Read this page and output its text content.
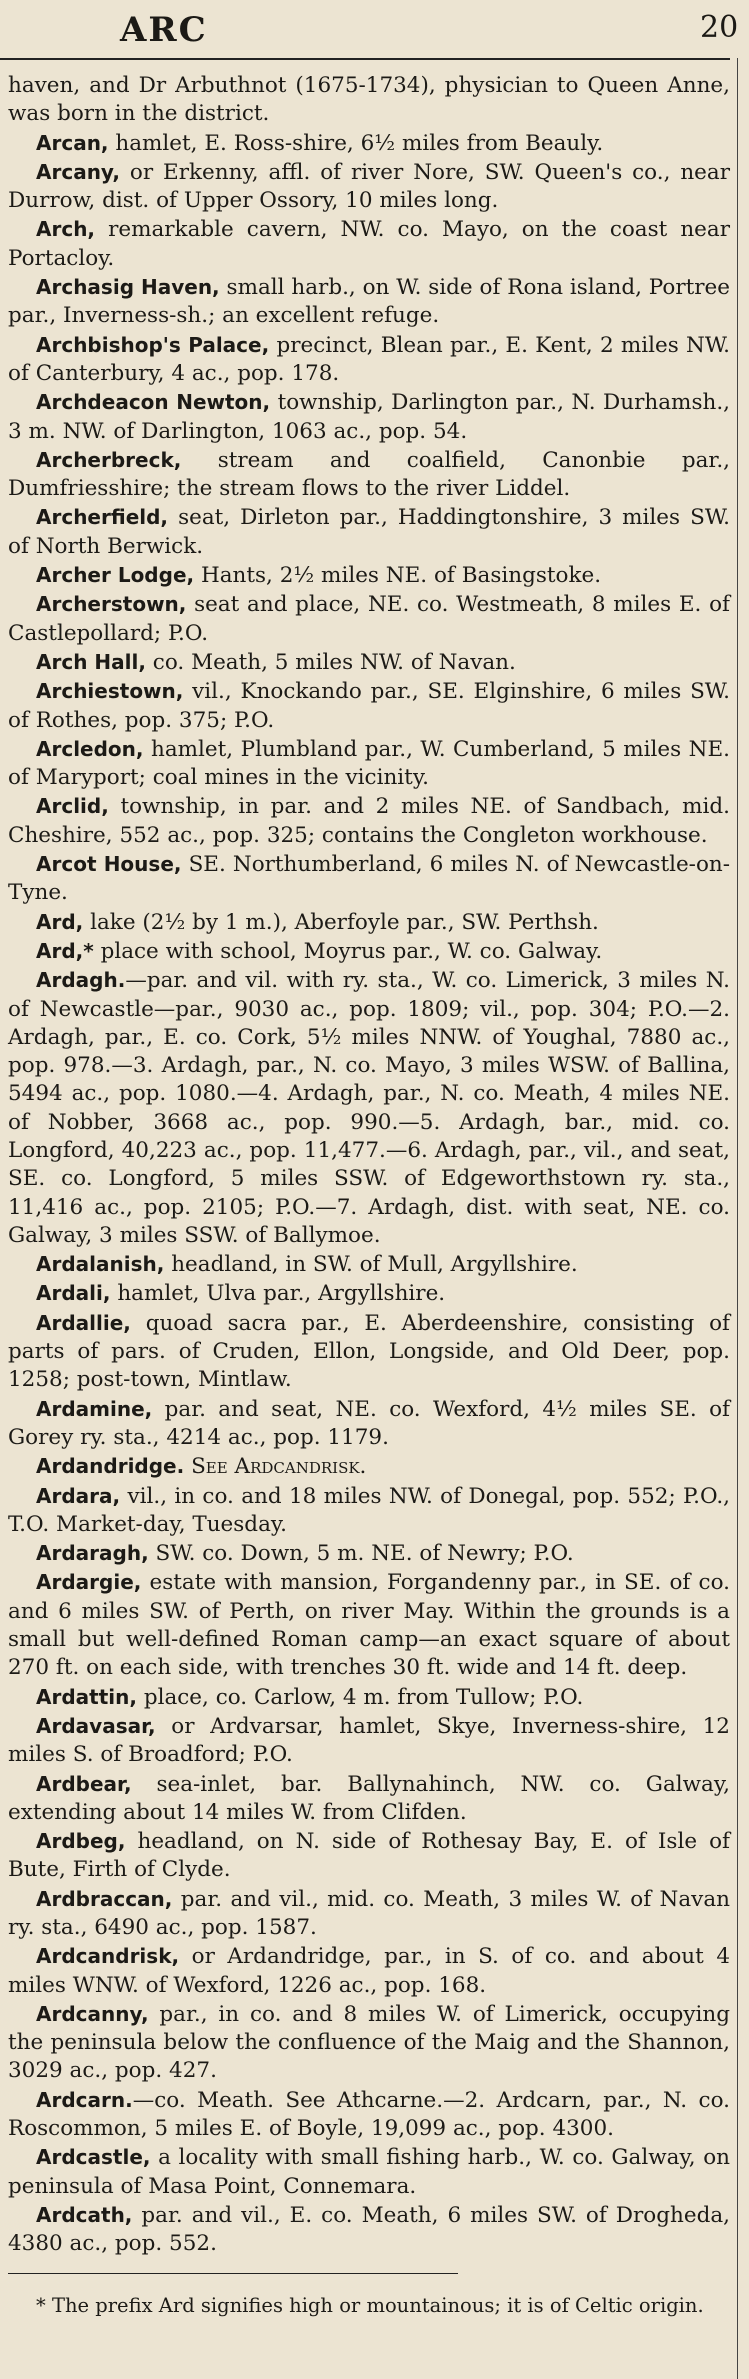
ARC	20

haven, and Dr Arbuthnot (1675-1734), physician to Queen Anne, was born in the district.

Arcan, hamlet, E. Ross-shire, 6½ miles from Beauly.

Arcany, or Erkenny, affl. of river Nore, SW. Queen's co., near Durrow, dist. of Upper Ossory, 10 miles long.

Arch, remarkable cavern, NW. co. Mayo, on the coast near Portacloy.

Archasig Haven, small harb., on W. side of Rona island, Portree par., Inverness-sh.; an excellent refuge.

Archbishop's Palace, precinct, Blean par., E. Kent, 2 miles NW. of Canterbury, 4 ac., pop. 178.

Archdeacon Newton, township, Darlington par., N. Durhamsh., 3 m. NW. of Darlington, 1063 ac., pop. 54.

Archerbreck, stream and coalfield, Canonbie par., Dumfriesshire; the stream flows to the river Liddel.

Archerfield, seat, Dirleton par., Haddingtonshire, 3 miles SW. of North Berwick.

Archer Lodge, Hants, 2½ miles NE. of Basingstoke.

Archerstown, seat and place, NE. co. Westmeath, 8 miles E. of Castlepollard; P.O.

Arch Hall, co. Meath, 5 miles NW. of Navan.

Archiestown, vil., Knockando par., SE. Elginshire, 6 miles SW. of Rothes, pop. 375; P.O.

Arcledon, hamlet, Plumbland par., W. Cumberland, 5 miles NE. of Maryport; coal mines in the vicinity.

Arclid, township, in par. and 2 miles NE. of Sandbach, mid. Cheshire, 552 ac., pop. 325; contains the Congleton workhouse.

Arcot House, SE. Northumberland, 6 miles N. of Newcastle-on-Tyne.

Ard, lake (2½ by 1 m.), Aberfoyle par., SW. Perthsh.

Ard,* place with school, Moyrus par., W. co. Galway.

Ardagh.—par. and vil. with ry. sta., W. co. Limerick, 3 miles N. of Newcastle—par., 9030 ac., pop. 1809; vil., pop. 304; P.O.—2. Ardagh, par., E. co. Cork, 5½ miles NNW. of Youghal, 7880 ac., pop. 978.—3. Ardagh, par., N. co. Mayo, 3 miles WSW. of Ballina, 5494 ac., pop. 1080.—4. Ardagh, par., N. co. Meath, 4 miles NE. of Nobber, 3668 ac., pop. 990.—5. Ardagh, bar., mid. co. Longford, 40,223 ac., pop. 11,477.—6. Ardagh, par., vil., and seat, SE. co. Longford, 5 miles SSW. of Edgeworthstown ry. sta., 11,416 ac., pop. 2105; P.O.—7. Ardagh, dist. with seat, NE. co. Galway, 3 miles SSW. of Ballymoe.

Ardalanish, headland, in SW. of Mull, Argyllshire.

Ardali, hamlet, Ulva par., Argyllshire.

Ardallie, quoad sacra par., E. Aberdeenshire, consisting of parts of pars. of Cruden, Ellon, Longside, and Old Deer, pop. 1258; post-town, Mintlaw.

Ardamine, par. and seat, NE. co. Wexford, 4½ miles SE. of Gorey ry. sta., 4214 ac., pop. 1179.

Ardandridge. See Ardcandrisk.

Ardara, vil., in co. and 18 miles NW. of Donegal, pop. 552; P.O., T.O. Market-day, Tuesday.

Ardaragh, SW. co. Down, 5 m. NE. of Newry; P.O.

Ardargie, estate with mansion, Forgandenny par., in SE. of co. and 6 miles SW. of Perth, on river May. Within the grounds is a small but well-defined Roman camp—an exact square of about 270 ft. on each side, with trenches 30 ft. wide and 14 ft. deep.

Ardattin, place, co. Carlow, 4 m. from Tullow; P.O.

Ardavasar, or Ardvarsar, hamlet, Skye, Inverness-shire, 12 miles S. of Broadford; P.O.

Ardbear, sea-inlet, bar. Ballynahinch, NW. co. Galway, extending about 14 miles W. from Clifden.

Ardbeg, headland, on N. side of Rothesay Bay, E. of Isle of Bute, Firth of Clyde.

Ardbraccan, par. and vil., mid. co. Meath, 3 miles W. of Navan ry. sta., 6490 ac., pop. 1587.

Ardcandrisk, or Ardandridge, par., in S. of co. and about 4 miles WNW. of Wexford, 1226 ac., pop. 168.

Ardcanny, par., in co. and 8 miles W. of Limerick, occupying the peninsula below the confluence of the Maig and the Shannon, 3029 ac., pop. 427.

Ardcarn.—co. Meath. See Athcarne.—2. Ardcarn, par., N. co. Roscommon, 5 miles E. of Boyle, 19,099 ac., pop. 4300.

Ardcastle, a locality with small fishing harb., W. co. Galway, on peninsula of Masa Point, Connemara.

Ardcath, par. and vil., E. co. Meath, 6 miles SW. of Drogheda, 4380 ac., pop. 552.

* The prefix Ard signifies high or mountainous; it is of Celtic origin.
